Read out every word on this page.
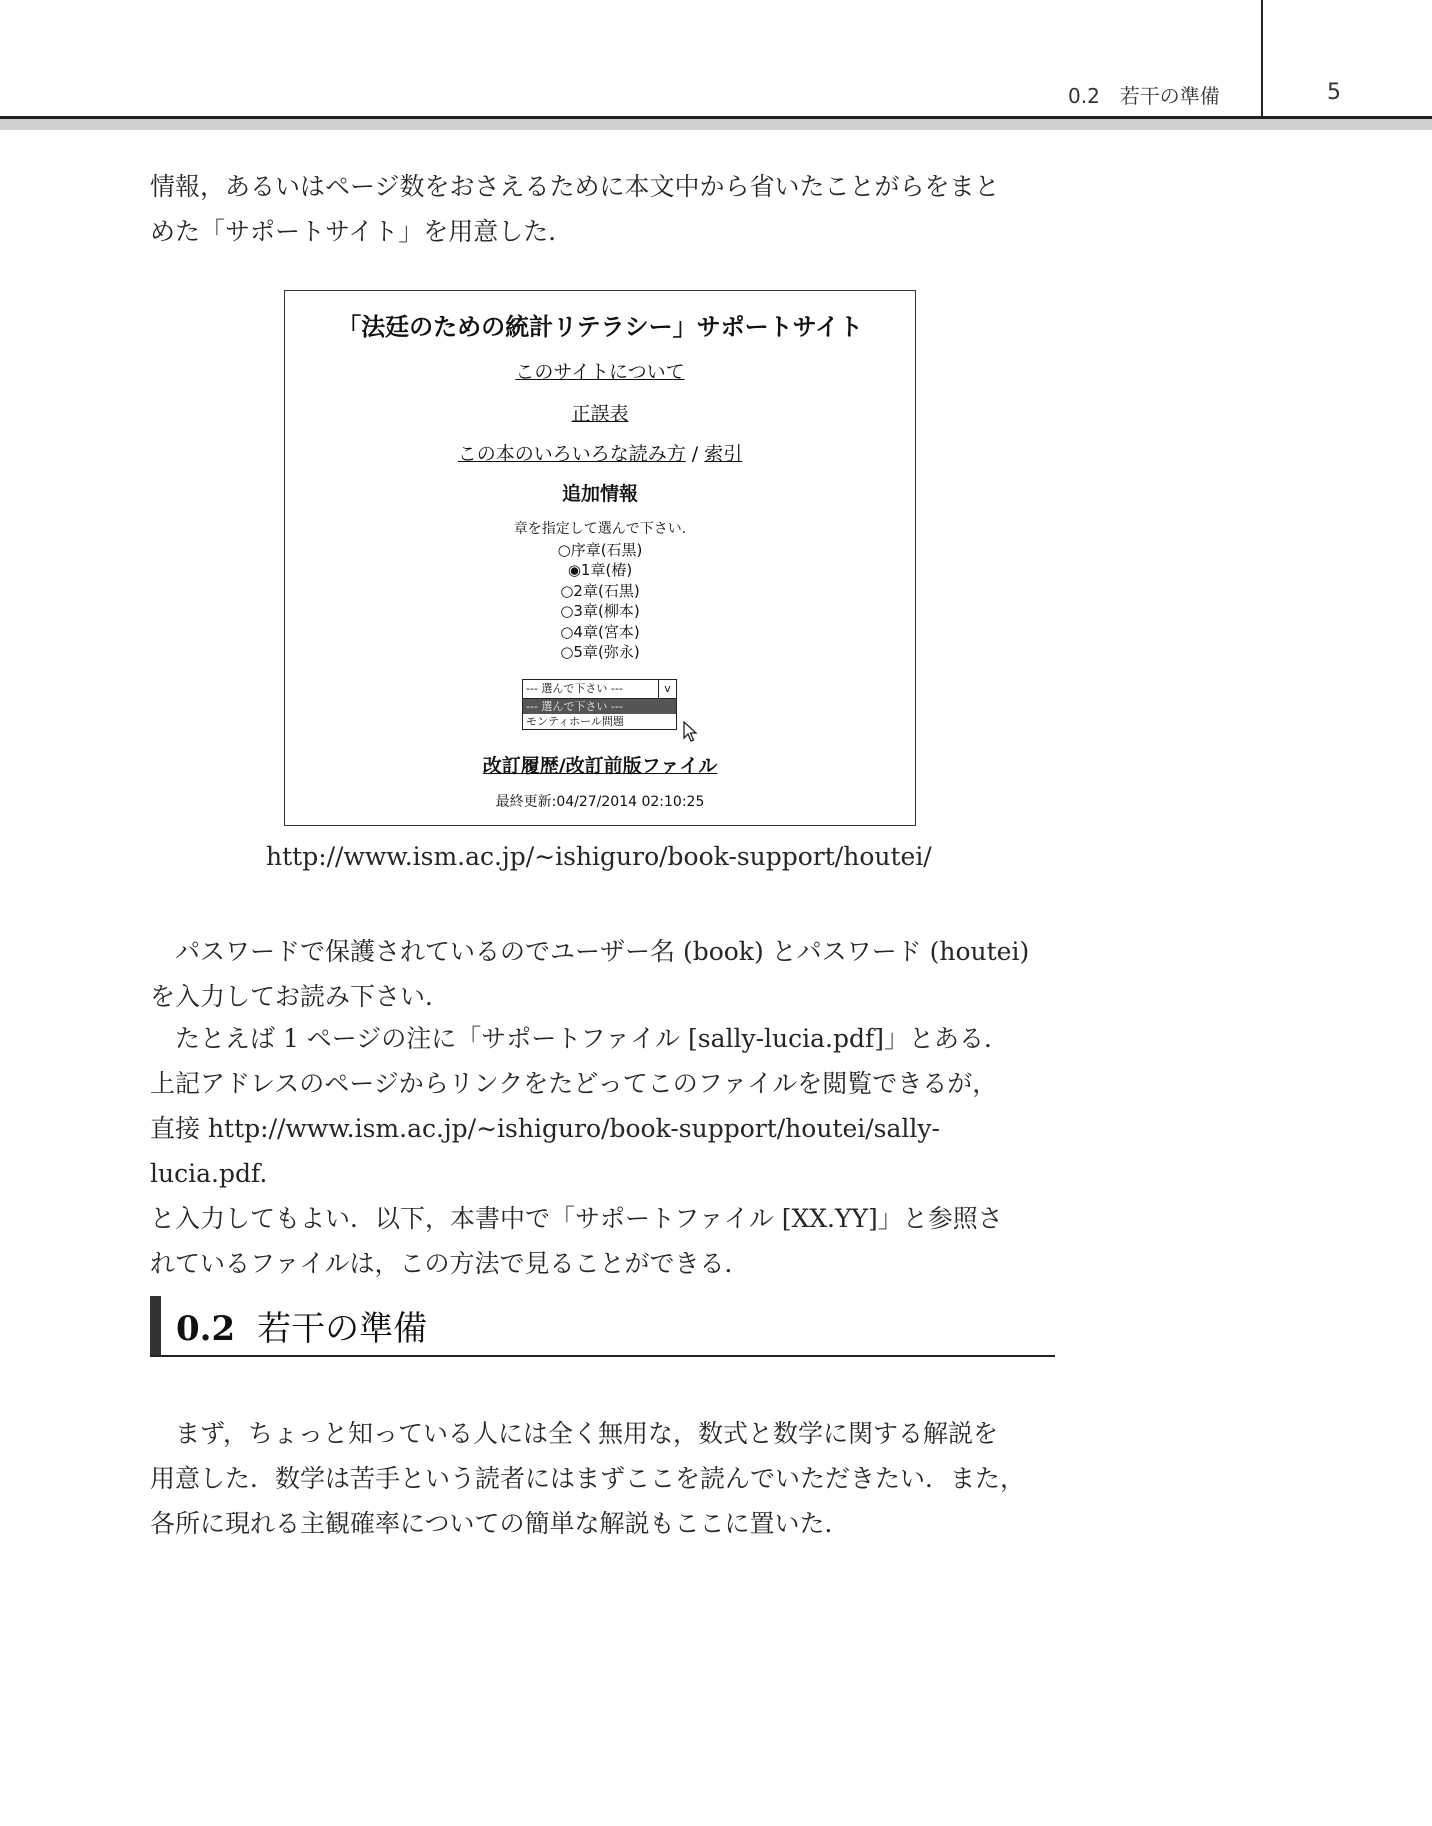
0.2　若干の準備	5

情報，あるいはページ数をおさえるために本文中から省いたことがらをまと
めた「サポートサイト」を用意した．

「法廷のための統計リテラシー」サポートサイト
このサイトについて
正誤表
この本のいろいろな読み方 / 索引
追加情報
章を指定して選んで下さい.
○序章(石黒)
◉1章(椿)
○2章(石黒)
○3章(柳本)
○4章(宮本)
○5章(弥永)
--- 選んで下さい ---	v
--- 選んで下さい ---
モンティホール問題
改訂履歴/改訂前版ファイル
最終更新:04/27/2014 02:10:25
http://www.ism.ac.jp/∼ishiguro/book-support/houtei/

パスワードで保護されているのでユーザー名 (book) とパスワード (houtei)
を入力してお読み下さい．

たとえば 1 ページの注に「サポートファイル [sally-lucia.pdf]」とある．
上記アドレスのページからリンクをたどってこのファイルを閲覧できるが，
直接 http://www.ism.ac.jp/∼ishiguro/book-support/houtei/sally-lucia.pdf.
と入力してもよい．以下，本書中で「サポートファイル [XX.YY]」と参照さ
れているファイルは，この方法で見ることができる．

0.2 若干の準備

まず，ちょっと知っている人には全く無用な，数式と数学に関する解説を
用意した．数学は苦手という読者にはまずここを読んでいただきたい．また，
各所に現れる主観確率についての簡単な解説もここに置いた．
